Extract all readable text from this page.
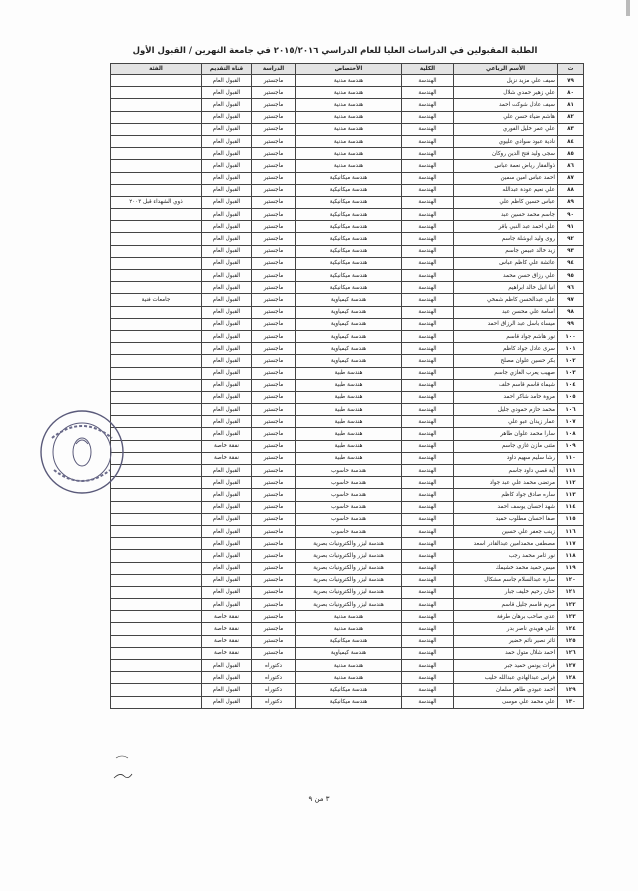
الطلبة المقبولين في الدراسات العليا للعام الدراسي ٢٠١٥/٢٠١٦ في جامعة النهرين / القبول الأول
ت	الأسم الرباعي	الكلية	الأختصاص	الدراسة	قناة التقديم	الفئة
٧٩	سيف علي مزيد نزيل	الهندسة	هندسة مدنية	ماجستير	القبول العام	
٨٠	علي زهير حمدي شلال	الهندسة	هندسة مدنية	ماجستير	القبول العام	
٨١	سيف عادل شوكت احمد	الهندسة	هندسة مدنية	ماجستير	القبول العام	
٨٢	هاشم ضياء حسن علي	الهندسة	هندسة مدنية	ماجستير	القبول العام	
٨٣	علي عمر خليل الفوري	الهندسة	هندسة مدنية	ماجستير	القبول العام	
٨٤	نادية عبود سوادي عليوي	الهندسة	هندسة مدنية	ماجستير	القبول العام	
٨٥	سجى وليد فتح الدين روكان	الهندسة	هندسة مدنية	ماجستير	القبول العام	
٨٦	ذوالفقار رياض نعمة عباس	الهندسة	هندسة مدنية	ماجستير	القبول العام	
٨٧	احمد عباس امين سمين	الهندسة	هندسة ميكانيكية	ماجستير	القبول العام	
٨٨	علي نعيم عودة عبدالله	الهندسة	هندسة ميكانيكية	ماجستير	القبول العام	
٨٩	عباس حسين كاظم علي	الهندسة	هندسة ميكانيكية	ماجستير	القبول العام	ذوي الشهداء قبل ٢٠٠٣
٩٠	جاسم محمد حسين عبد	الهندسة	هندسة ميكانيكية	ماجستير	القبول العام	
٩١	علي احمد عبد النبي باقر	الهندسة	هندسة ميكانيكية	ماجستير	القبول العام	
٩٢	روى وليد ابوشلة جاسم	الهندسة	هندسة ميكانيكية	ماجستير	القبول العام	
٩٣	زيد خالد عبيس جاسم	الهندسة	هندسة ميكانيكية	ماجستير	القبول العام	
٩٤	عائشة علي كاظم عباس	الهندسة	هندسة ميكانيكية	ماجستير	القبول العام	
٩٥	علي رزاق حسن محمد	الهندسة	هندسة ميكانيكية	ماجستير	القبول العام	
٩٦	انيا انيل خالد ابراهيم	الهندسة	هندسة ميكانيكية	ماجستير	القبول العام	
٩٧	علي عبدالحسن كاظم شمخي	الهندسة	هندسة كيمياوية	ماجستير	القبول العام	جامعات فنية
٩٨	اسامة علي محسن عبد	الهندسة	هندسة كيمياوية	ماجستير	القبول العام	
٩٩	ميساء باسل عبد الرزاق احمد	الهندسة	هندسة كيمياوية	ماجستير	القبول العام	
١٠٠	نور هاشم جواد قاسم	الهندسة	هندسة كيمياوية	ماجستير	القبول العام	
١٠١	سرى عادل جواد كاظم	الهندسة	هندسة كيمياوية	ماجستير	القبول العام	
١٠٢	بكر حسين علوان مصلح	الهندسة	هندسة كيمياوية	ماجستير	القبول العام	
١٠٣	صهيب يعرب الغازي جاسم	الهندسة	هندسة طبية	ماجستير	القبول العام	
١٠٤	شيماء قاسم قاسم خلف	الهندسة	هندسة طبية	ماجستير	القبول العام	
١٠٥	مروة حامد شاكر احمد	الهندسة	هندسة طبية	ماجستير	القبول العام	
١٠٦	محمد حازم حمودي جليل	الهندسة	هندسة طبية	ماجستير	القبول العام	
١٠٧	عمار زيدان عبو علي	الهندسة	هندسة طبية	ماجستير	القبول العام	
١٠٨	سارا محمد علوان طاهر	الهندسة	هندسة طبية	ماجستير	القبول العام	
١٠٩	مثنى مازن غازي جاسم	الهندسة	هندسة طبية	ماجستير	نفقة خاصة	
١١٠	رشا سليم سهيم داود	الهندسة	هندسة طبية	ماجستير	نفقة خاصة	
١١١	آية قصي داود جاسم	الهندسة	هندسة حاسوب	ماجستير	القبول العام	
١١٢	مرتضى محمد علي عبد جواد	الهندسة	هندسة حاسوب	ماجستير	القبول العام	
١١٣	ساره صادق جواد كاظم	الهندسة	هندسة حاسوب	ماجستير	القبول العام	
١١٤	شهد احسان يوسف احمد	الهندسة	هندسة حاسوب	ماجستير	القبول العام	
١١٥	صفا احسان مطلوب حميد	الهندسة	هندسة حاسوب	ماجستير	القبول العام	
١١٦	زينب جعفر علي حسين	الهندسة	هندسة حاسوب	ماجستير	القبول العام	
١١٧	مصطفى محمدامين عبدالقادر اسعد	الهندسة	هندسة ليزر والكترونيات بصرية	ماجستير	القبول العام	
١١٨	نور ثامر محمد رجب	الهندسة	هندسة ليزر والكترونيات بصرية	ماجستير	القبول العام	
١١٩	ميس حميد محمد خشيمك	الهندسة	هندسة ليزر والكترونيات بصرية	ماجستير	القبول العام	
١٢٠	سارة عبدالسلام جاسم مشكال	الهندسة	هندسة ليزر والكترونيات بصرية	ماجستير	القبول العام	
١٢١	حنان رحيم خليف جبار	الهندسة	هندسة ليزر والكترونيات بصرية	ماجستير	القبول العام	
١٢٢	مريم قاسم جليل قاسم	الهندسة	هندسة ليزر والكترونيات بصرية	ماجستير	القبول العام	
١٢٣	عدي صاحب برهان طرفة	الهندسة	هندسة مدنية	ماجستير	نفقة خاصة	
١٢٤	علي هويدي ناصر بدر	الهندسة	هندسة مدنية	ماجستير	نفقة خاصة	
١٢٥	ثائر نصير نائم خضير	الهندسة	هندسة ميكانيكية	ماجستير	نفقة خاصة	
١٢٦	احمد شلال متول حمد	الهندسة	هندسة كيمياوية	ماجستير	نفقة خاصة	
١٢٧	فرات يونس حميد جبر	الهندسة	هندسة مدنية	دكتوراه	القبول العام	
١٢٨	فراس عبدالهادي عبدالله حليب	الهندسة	هندسة مدنية	دكتوراه	القبول العام	
١٢٩	احمد عبودي طاهر سلمان	الهندسة	هندسة ميكانيكية	دكتوراه	القبول العام	
١٣٠	علي محمد علي موسى	الهندسة	هندسة ميكانيكية	دكتوراه	القبول العام	
٣ من ٩
